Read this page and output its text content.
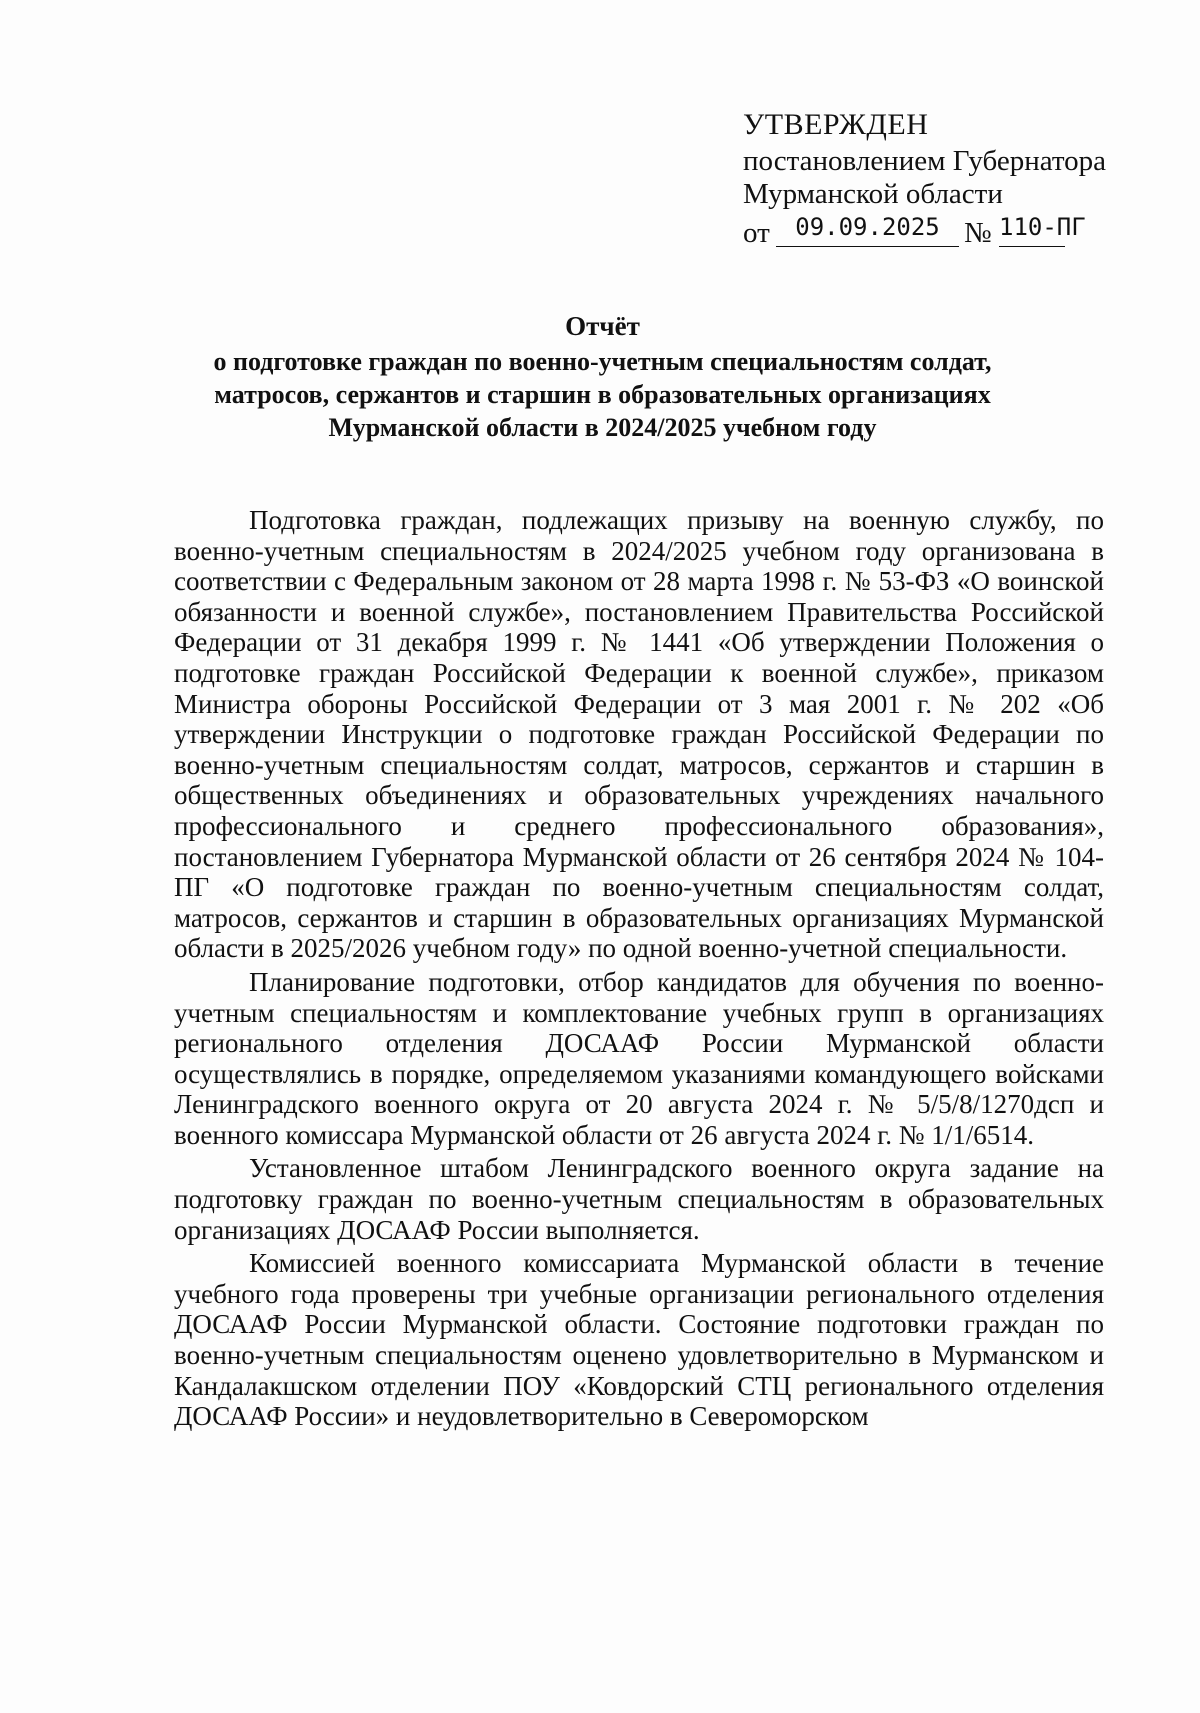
УТВЕРЖДЕН
постановлением Губернатора
Мурманской области
от	09.09.2025 № 110-ПГ
Отчёт
о подготовке граждан по военно-учетным специальностям солдат,
матросов, сержантов и старшин в образовательных организациях
Мурманской области в 2024/2025 учебном году

Подготовка граждан, подлежащих призыву на военную службу, по военно-учетным специальностям в 2024/2025 учебном году организована в соответствии с Федеральным законом от 28 марта 1998 г. № 53-ФЗ «О воинской обязанности и военной службе», постановлением Правительства Российской Федерации от 31 декабря 1999 г. № 1441 «Об утверждении Положения о подготовке граждан Российской Федерации к военной службе», приказом Министра обороны Российской Федерации от 3 мая 2001 г. № 202 «Об утверждении Инструкции о подготовке граждан Российской Федерации по военно-учетным специальностям солдат, матросов, сержантов и старшин в общественных объединениях и образовательных учреждениях начального профессионального и среднего профессионального образования», постановлением Губернатора Мурманской области от 26 сентября 2024 № 104-ПГ «О подготовке граждан по военно-учетным специальностям солдат, матросов, сержантов и старшин в образовательных организациях Мурманской области в 2025/2026 учебном году» по одной военно-учетной специальности.

Планирование подготовки, отбор кандидатов для обучения по военно-учетным специальностям и комплектование учебных групп в организациях регионального отделения ДОСААФ России Мурманской области осуществлялись в порядке, определяемом указаниями командующего войсками Ленинградского военного округа от 20 августа 2024 г. № 5/5/8/1270дсп и военного комиссара Мурманской области от 26 августа 2024 г. № 1/1/6514.

Установленное штабом Ленинградского военного округа задание на подготовку граждан по военно-учетным специальностям в образовательных организациях ДОСААФ России выполняется.

Комиссией военного комиссариата Мурманской области в течение учебного года проверены три учебные организации регионального отделения ДОСААФ России Мурманской области. Состояние подготовки граждан по военно-учетным специальностям оценено удовлетворительно в Мурманском и Кандалакшском отделении ПОУ «Ковдорский СТЦ регионального отделения ДОСААФ России» и неудовлетворительно в Североморском
